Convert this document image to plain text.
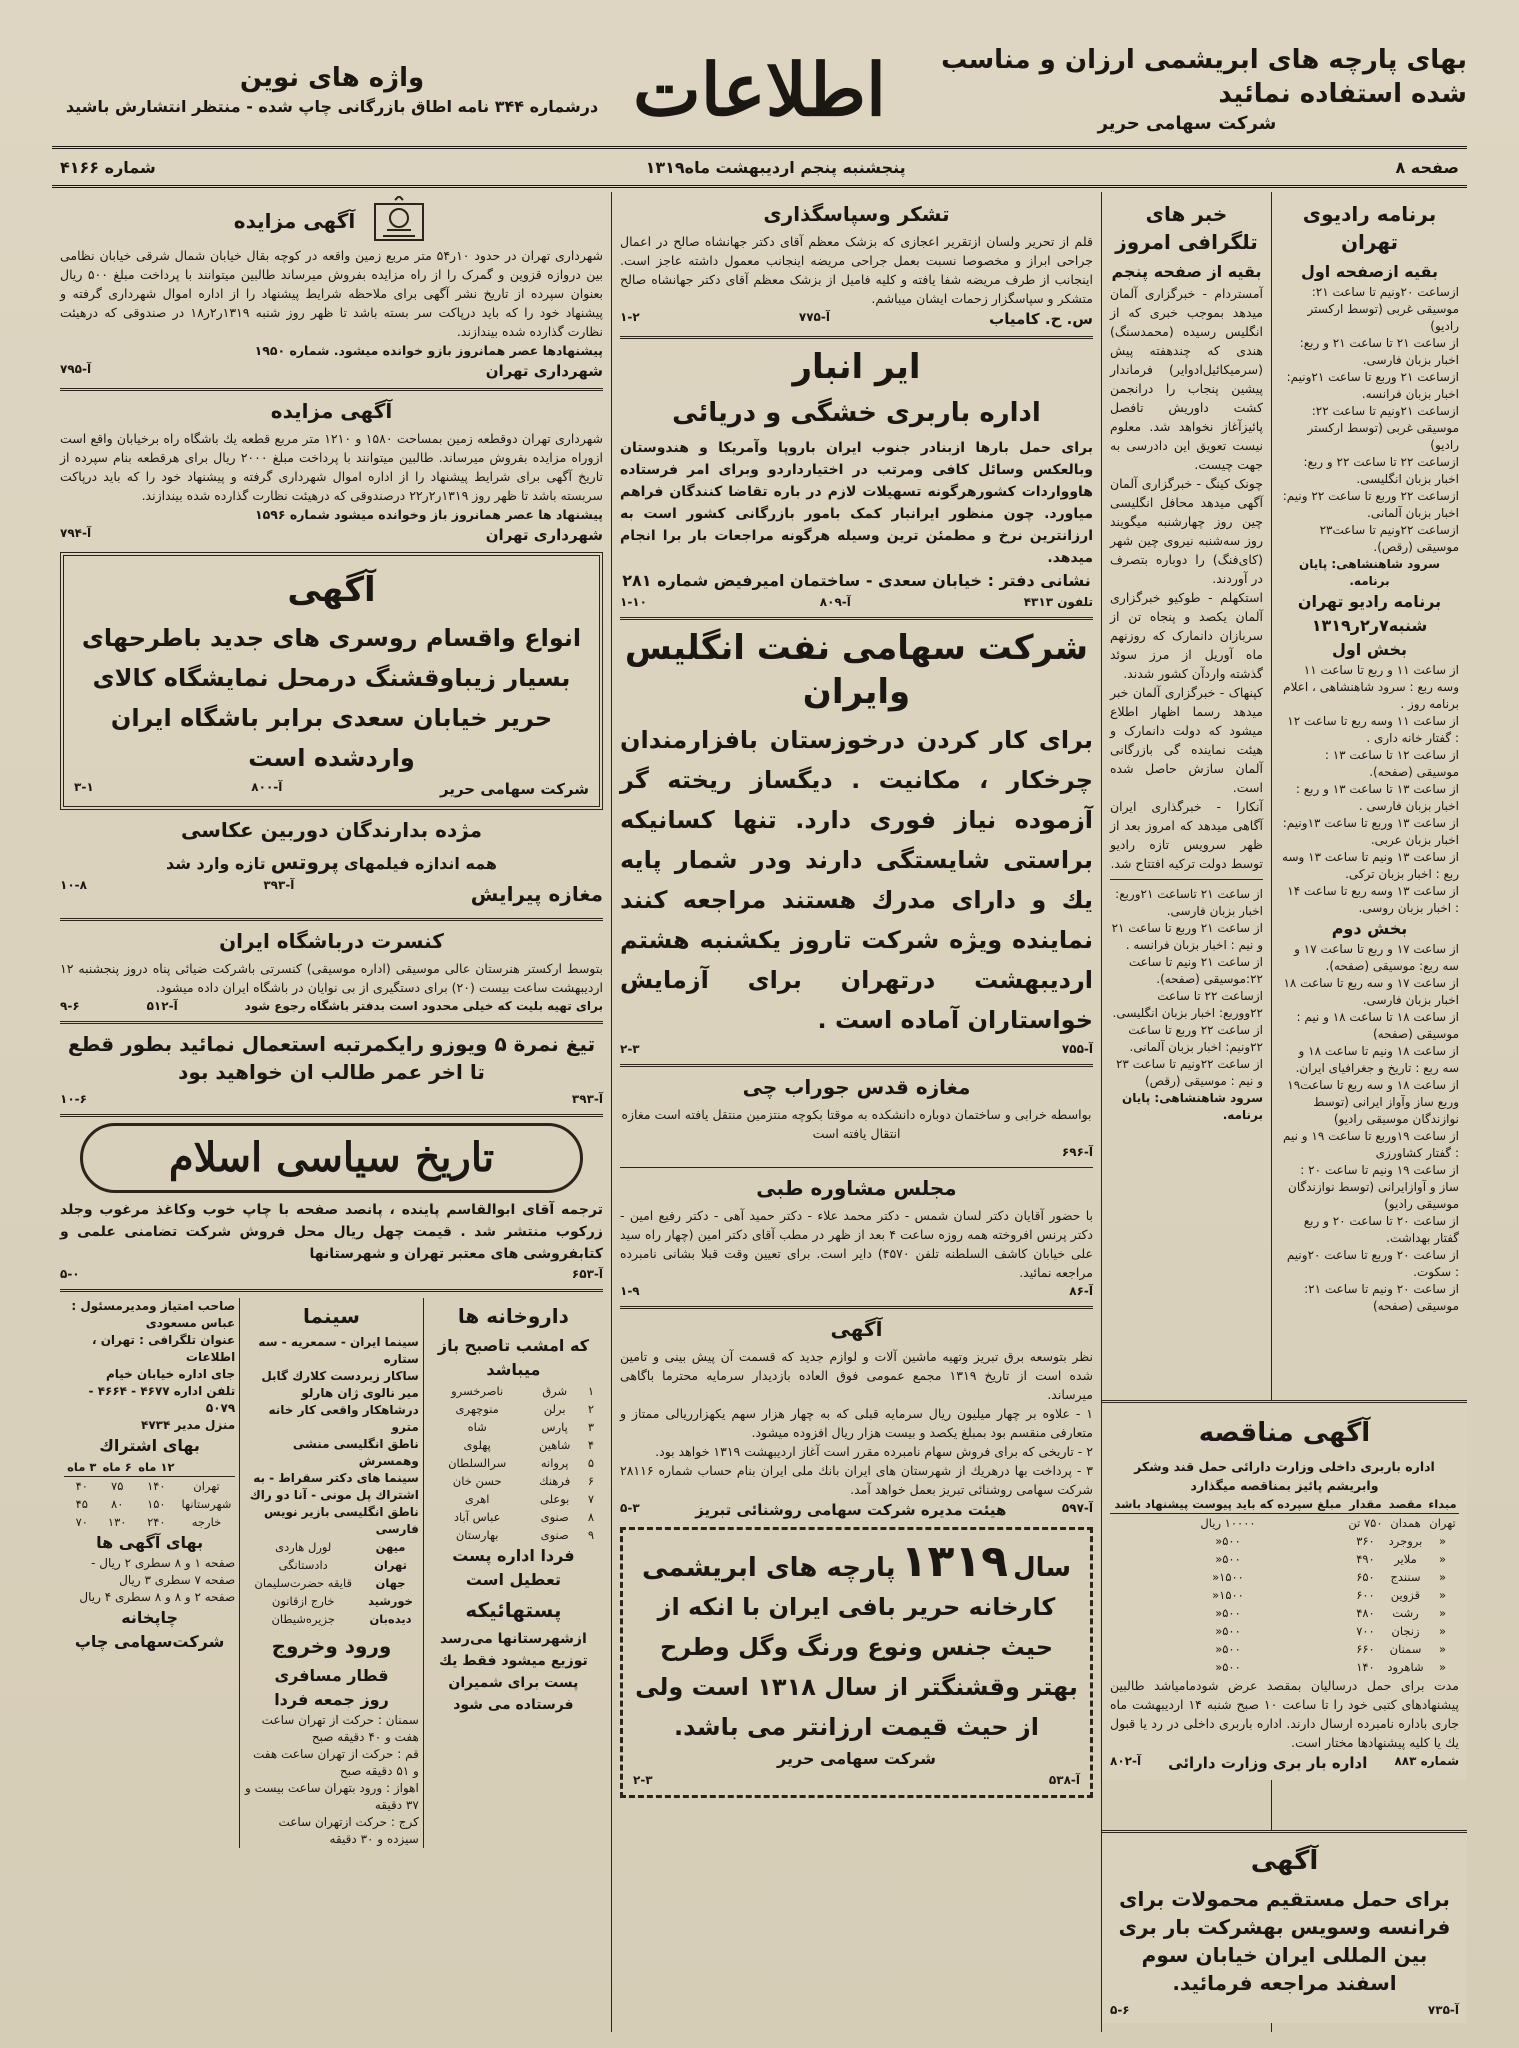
بهای پارچه های ابریشمی ارزان و مناسب شده استفاده نمائید
شرکت سهامی حریر
اطلاعات
واژه های نوین
درشماره ۳۴۴ نامه اطاق بازرگانی چاپ شده - منتظر انتشارش باشید
صفحه ۸
پنجشنبه پنجم اردیبهشت ماه۱۳۱۹
شماره ۴۱۶۶
برنامه رادیوی تهران
بقیه ازصفحه اول
ازساعت ۲۰ونیم تا ساعت ۲۱: موسیقی غربی (توسط ارکستر رادیو)
از ساعت ۲۱ تا ساعت ۲۱ و ربع: اخبار بزبان فارسی.
ازساعت ۲۱ وربع تا ساعت ۲۱ونیم: اخبار بزبان فرانسه.
ازساعت ۲۱ونیم تا ساعت ۲۲: موسیقی غربی (توسط ارکستر رادیو)
ازساعت ۲۲ تا ساعت ۲۲ و ربع: اخبار بزبان انگلیسی.
ازساعت ۲۲ وربع تا ساعت ۲۲ ونیم: اخبار بزبان آلمانی.
ازساعت ۲۲ونیم تا ساعت۲۳ موسیقی (رقص).
سرود شاهنشاهی: پایان برنامه.
برنامه رادیو تهران
شنبه۷ر۲ر۱۳۱۹
بخش اول
از ساعت ۱۱ و ربع تا ساعت ۱۱ وسه ربع : سرود شاهنشاهی ، اعلام برنامه روز .
از ساعت ۱۱ وسه ربع تا ساعت ۱۲ : گفتار خانه داری .
از ساعت ۱۲ تا ساعت ۱۳ : موسیقی (صفحه).
از ساعت ۱۳ تا ساعت ۱۳ و ربع : اخبار بزبان فارسی .
از ساعت ۱۳ وربع تا ساعت ۱۳ونیم: اخبار بزبان عربی.
از ساعت ۱۳ ونیم تا ساعت ۱۳ وسه ربع : اخبار بزبان ترکی.
از ساعت ۱۳ وسه ربع تا ساعت ۱۴ : اخبار بزبان روسی.
بخش دوم
از ساعت ۱۷ و ربع تا ساعت ۱۷ و سه ربع: موسیقی (صفحه).
از ساعت ۱۷ و سه ربع تا ساعت ۱۸ اخبار بزبان فارسی.
از ساعت ۱۸ تا ساعت ۱۸ و نیم : موسیقی (صفحه)
از ساعت ۱۸ ونیم تا ساعت ۱۸ و سه ربع : تاریخ و جغرافیای ایران.
از ساعت ۱۸ و سه ربع تا ساعت۱۹ وربع ساز وآواز ایرانی (توسط نوازندگان موسیقی رادیو)
از ساعت ۱۹وربع تا ساعت ۱۹ و نیم : گفتار کشاورزی
از ساعت ۱۹ ونیم تا ساعت ۲۰ : ساز و آوازایرانی (توسط نوازندگان موسیقی رادیو)
از ساعت ۲۰ تا ساعت ۲۰ و ربع گفتار بهداشت.
از ساعت ۲۰ وربع تا ساعت ۲۰ونیم : سکوت.
از ساعت ۲۰ ونیم تا ساعت ۲۱: موسیقی (صفحه)
خبر های تلگرافی امروز
بقیه از صفحه پنجم
آمستردام - خبرگزاری آلمان میدهد بموجب خبری که از انگلیس رسیده (محمدسنگ) هندی که چندهفته پیش (سرمیکائیل‌ادوایر) فرماندار پیشین پنجاب را درانجمن کشت داوریش تافصل پائیزآغاز نخواهد شد. معلوم نیست تعویق این دادرسی به جهت چیست.
چونک کینگ - خبرگزاری آلمان آگهی میدهد محافل انگلیسی چین روز چهارشنبه میگویند روز سه‌شنبه نیروی چین شهر (کای‌فنگ) را دوباره بتصرف در آوردند.
استکهلم - طوکیو خبرگزاری آلمان یکصد و پنجاه تن از سربازان دانمارک که روزنهم ماه آوریل از مرز سوئد گذشته واردآن کشور شدند.
کپنهاک - خبرگزاری آلمان خبر میدهد رسما اظهار اطلاع میشود که دولت دانمارک و هیئت نماینده گی بازرگانی آلمان سازش حاصل شده است.
آنکارا - خبرگذاری ایران آگاهی میدهد که امروز بعد از ظهر سرویس تازه رادیو توسط دولت ترکیه افتتاح شد.
از ساعت ۲۱ تاساعت ۲۱وربع: اخبار بزبان فارسی.
از ساعت ۲۱ وربع تا ساعت ۲۱ و نیم : اخبار بزبان فرانسه .
از ساعت ۲۱ ونیم تا ساعت ۲۲:موسیقی (صفحه).
ازساعت ۲۲ تا ساعت ۲۲ووربع: اخبار بزبان انگلیسی.
از ساعت ۲۲ وربع تا ساعت ۲۲ونیم: اخبار بزبان آلمانی.
از ساعت ۲۲ونیم تا ساعت ۲۳ و نیم : موسیقی (رقص)
سرود شاهنشاهی: پایان برنامه.
تشکر وسپاسگذاری
قلم از تحریر ولسان ازتقریر اعجازی که بزشک معظم آقای دکتر جهانشاه صالح در اعمال جراحی ابراز و مخصوصا نسبت بعمل جراحی مریضه اینجانب معمول داشته عاجز است. اینجانب از طرف مریضه شفا یافته و کلیه فامیل از بزشک معظم آقای دکتر جهانشاه صالح متشکر و سپاسگزار زحمات ایشان میباشم.
س. ح. کامیاب
آ-۷۷۵
۱-۲
ایر انبار
اداره باربری خشگی و دریائی
برای حمل بارها ازبنادر جنوب ایران باروپا وآمریکا و هندوستان وبالعکس وسائل کافی ومرتب در اختیارداردو وبرای امر فرستاده هاوواردات کشورهرگونه تسهیلات لازم در باره تقاضا کنندگان فراهم میاورد. چون منظور ایرانبار کمک بامور بازرگانی کشور است به ارزانترین نرخ و مطمئن ترین وسیله هرگونه مراجعات بار برا انجام میدهد.
نشانی دفتر : خیابان سعدی - ساختمان امیرفیض شماره ۲۸۱
تلفون ۴۳۱۳
آ-۸۰۹
۱-۱۰
شرکت سهامی نفت انگلیس وایران
برای کار کردن درخوزستان بافزارمندان چرخکار ، مکانیت . دیگساز ریخته گر آزموده نیاز فوری دارد. تنها کسانیکه براستی شایستگی دارند ودر شمار پایه یك و دارای مدرك هستند مراجعه کنند نماینده ویژه شرکت تاروز یکشنبه هشتم اردیبهشت درتهران برای آزمایش خواستاران آماده است .
آ-۷۵۵
۲-۳
مغازه قدس جوراب چی
بواسطه خرابی و ساختمان دوباره دانشکده به موقتا بکوچه منتزمین منتقل یافته است مغازه انتقال یافته است
آ-۶۹۶
مجلس مشاوره طبی
با حضور آقایان دکتر لسان شمس - دکتر محمد علاء - دکتر حمید آهی - دکتر رفیع امین - دکتر پرنس افروخته همه روزه ساعت ۴ بعد از ظهر در مطب آقای دکتر امین (چهار راه سید علی خیابان کاشف السلطنه تلفن ۴۵۷۰) دایر است. برای تعیین وقت قبلا بشانی نامبرده مراجعه نمائید.
آ-۸۶
۱-۹
آگهی
نظر بتوسعه برق تبریز وتهیه ماشین آلات و لوازم جدید که قسمت آن پیش بینی و تامین شده است از تاریخ ۱۳۱۹ مجمع عمومی فوق العاده بازدیدار سرمایه محترما باگاهی میرساند.
۱ - علاوه بر چهار میلیون ریال سرمایه قبلی که به چهار هزار سهم یکهزارریالی ممتاز و متعارفی منقسم بود بمبلغ یکصد و بیست هزار ریال افزوده میشود.
۲ - تاریخی که برای فروش سهام نامبرده مقرر است آغاز اردیبهشت ۱۳۱۹ خواهد بود.
۳ - پرداخت بها درهریك از شهرستان های ایران بانك ملی ایران بنام حساب شماره ۲۸۱۱۶ شرکت سهامی روشنائی تبریز بعمل خواهد آمد.
آ-۵۹۷
هیئت مدیره شرکت سهامی روشنائی تبریز
۵-۳
سال ۱۳۱۹ پارچه های ابریشمی
کارخانه حریر بافی ایران با انکه از حیث جنس ونوع ورنگ وگل وطرح بهتر وقشنگتر از سال ۱۳۱۸ است ولی از حیث قیمت ارزانتر می باشد.
شرکت سهامی حریر
آ-۵۳۸
۲-۳
آگهی مزایده
شهرداری تهران در حدود ۱۰ر۵۴ متر مربع زمین واقعه در کوچه بقال خیابان شمال شرقی خیابان نظامی بین دروازه قزوین و گمرک را از راه مزایده بفروش میرساند طالبین میتوانند با پرداخت مبلغ ۵۰۰ ریال بعنوان سپرده از تاریخ نشر آگهی برای ملاحظه شرایط پیشنهاد را از اداره اموال شهرداری گرفته و پیشنهاد خود را که باید درپاکت سر بسته باشد تا ظهر روز شنبه ۱۳۱۹ر۲ر۱۸ در صندوقی که درهیئت نظارت گذارده شده بیندازند.
پیشنهادها عصر همانروز بازو خوانده میشود. شماره ۱۹۵۰
شهرداری تهران
آ-۷۹۵
آگهی مزایده
شهرداری تهران دوقطعه زمین بمساحت ۱۵۸۰ و ۱۲۱۰ متر مربع قطعه یك باشگاه راه برخیابان واقع است ازوراه مزایده بفروش میرساند. طالبین میتوانند با پرداخت مبلغ ۲۰۰۰ ریال برای هرقطعه بنام سپرده از تاریخ آگهی برای شرایط پیشنهاد را از اداره اموال شهرداری گرفته و پیشنهاد خود را که باید درپاکت سربسته باشد تا ظهر روز ۱۳۱۹ر۲ر۲۲ درصندوقی که درهیئت نظارت گذارده شده بیندازند.
پیشنهاد ها عصر همانروز باز وخوانده میشود شماره ۱۵۹۶
شهرداری تهران
آ-۷۹۴
آگهی
انواع واقسام روسری های جدید باطرحهای بسیار زیباوقشنگ درمحل نمایشگاه کالای حریر خیابان سعدی برابر باشگاه ایران واردشده است
شرکت سهامی حریر
آ-۸۰۰
۳-۱
مژده بدارندگان دوربین عکاسی
همه اندازه فیلمهای پروتس تازه وارد شد
مغازه پیرایش
آ-۳۹۳
۱۰-۸
کنسرت درباشگاه ایران
بتوسط ارکستر هنرستان عالی موسیقی (اداره موسیقی) کنسرتی باشرکت ضیائی پناه دروز پنجشنبه ۱۲ اردیبهشت ساعت بیست (۲۰) برای دستگیری از بی نوایان در باشگاه ایران داده میشود.
برای تهیه بلیت که خیلی محدود است بدفتر باشگاه رجوع شود
آ-۵۱۲
۹-۶
تیغ نمرة ۵ ویوزو رایکمرتبه استعمال نمائید بطور قطع تا اخر عمر طالب ان خواهید بود
آ-۳۹۳
۱۰-۶
تاریخ سیاسی اسلام
ترجمه آقای ابوالقاسم پاینده ، پانصد صفحه با چاپ خوب وکاغذ مرغوب وجلد زرکوب منتشر شد . قیمت چهل ریال محل فروش شرکت تضامنی علمی و کتابفروشی های معتبر تهران و شهرستانها
آ-۶۵۳
۵-۰
داروخانه ها
که امشب تاصبح باز میباشد
۱	شرق	ناصرخسرو
۲	برلن	منوچهری
۳	پارس	شاه
۴	شاهین	پهلوی
۵	پروانه	سرالسلطان
۶	فرهنك	حسن خان
۷	بوعلی	اهری
۸	صنوی	عباس آباد
۹	صنوی	بهارستان
فردا اداره پست تعطیل است
پستهائیکه
ازشهرستانها می‌رسد توزیع میشود فقط یك پست برای شمیران فرستاده می شود
سینما
سینما ایران - سمعریه - سه ستاره
ساکار زبردست کلارك گابل میر نالوی ژان هارلو درشاهکار واقعی کار خانه مترو
ناطق انگلیسی منشی وهمسرش
سینما های دکتر سقراط - به اشتراك پل مونی - آنا دو راك
ناطق انگلیسی بازیر نویس فارسی
میهن	لورل هاردی
تهران	دادستانگی
جهان	قایقه حضرت‌سلیمان
خورشید	خارج ازقانون
دیده‌بان	جزیره‌شیطان
ورود وخروج
قطار مسافری
روز جمعه فردا
سمنان : حرکت از تهران ساعت هفت و ۴۰ دقیقه صبح
قم : حرکت از تهران ساعت هفت و ۵۱ دقیقه صبح
اهواز : ورود بتهران ساعت بیست و ۳۷ دقیقه
کرج : حرکت ازتهران ساعت سیزده و ۳۰ دقیقه
صاحب امتیاز ومدیرمسئول : عباس مسعودی
عنوان تلگرافی : تهران ، اطلاعات
جای اداره خیابان خیام
تلفن اداره ۴۶۷۷ - ۴۶۶۴ - ۵۰۷۹
منزل مدیر ۴۷۳۴
بهای اشتراك
	۱۲ ماه	۶ ماه	۳ ماه
تهران	۱۴۰	۷۵	۴۰
شهرستانها	۱۵۰	۸۰	۴۵
خارجه	۲۴۰	۱۳۰	۷۰
بهای آگهی ها
صفحه ۱ و ۸ سطری ۲ ریال - صفحه ۷ سطری ۳ ریال
صفحه ۲ و ۸ و ۸ سطری ۴ ریال
چاپخانه شرکت‌سهامی چاپ
آگهی مناقصه
اداره باربری داخلی وزارت دارائی حمل قند وشکر وابریشم پائیز بمناقصه میگذارد
مبداء	مقصد	مقدار	مبلغ سپرده که باید پیوست پیشنهاد باشد
تهران	همدان	۷۵۰ تن	۱۰۰۰۰ ریال
«	بروجرد	۳۶۰	۵۰۰«
«	ملایر	۴۹۰	۵۰۰«
«	سنندج	۶۵۰	۱۵۰۰«
«	قزوین	۶۰۰	۱۵۰۰«
«	رشت	۴۸۰	۵۰۰«
«	زنجان	۷۰۰	۵۰۰«
«	سمنان	۶۶۰	۵۰۰«
«	شاهرود	۱۴۰	۵۰۰«
مدت برای حمل درسالیان بمقصد عرض شودمامیاشد طالبین پیشنهادهای کتبی خود را تا ساعت ۱۰ صبح شنبه ۱۴ اردیبهشت ماه جاری باداره نامبرده ارسال دارند. اداره باربری داخلی در رد یا قبول یك یا کلیه پیشنهادها مختار است.
شماره ۸۸۳
اداره بار بری وزارت دارائی
آ-۸۰۲
آگهی
برای حمل مستقیم محمولات برای فرانسه وسویس بهشرکت بار بری بین المللی ایران خیابان سوم اسفند مراجعه فرمائید.
آ-۷۳۵
۵-۶
